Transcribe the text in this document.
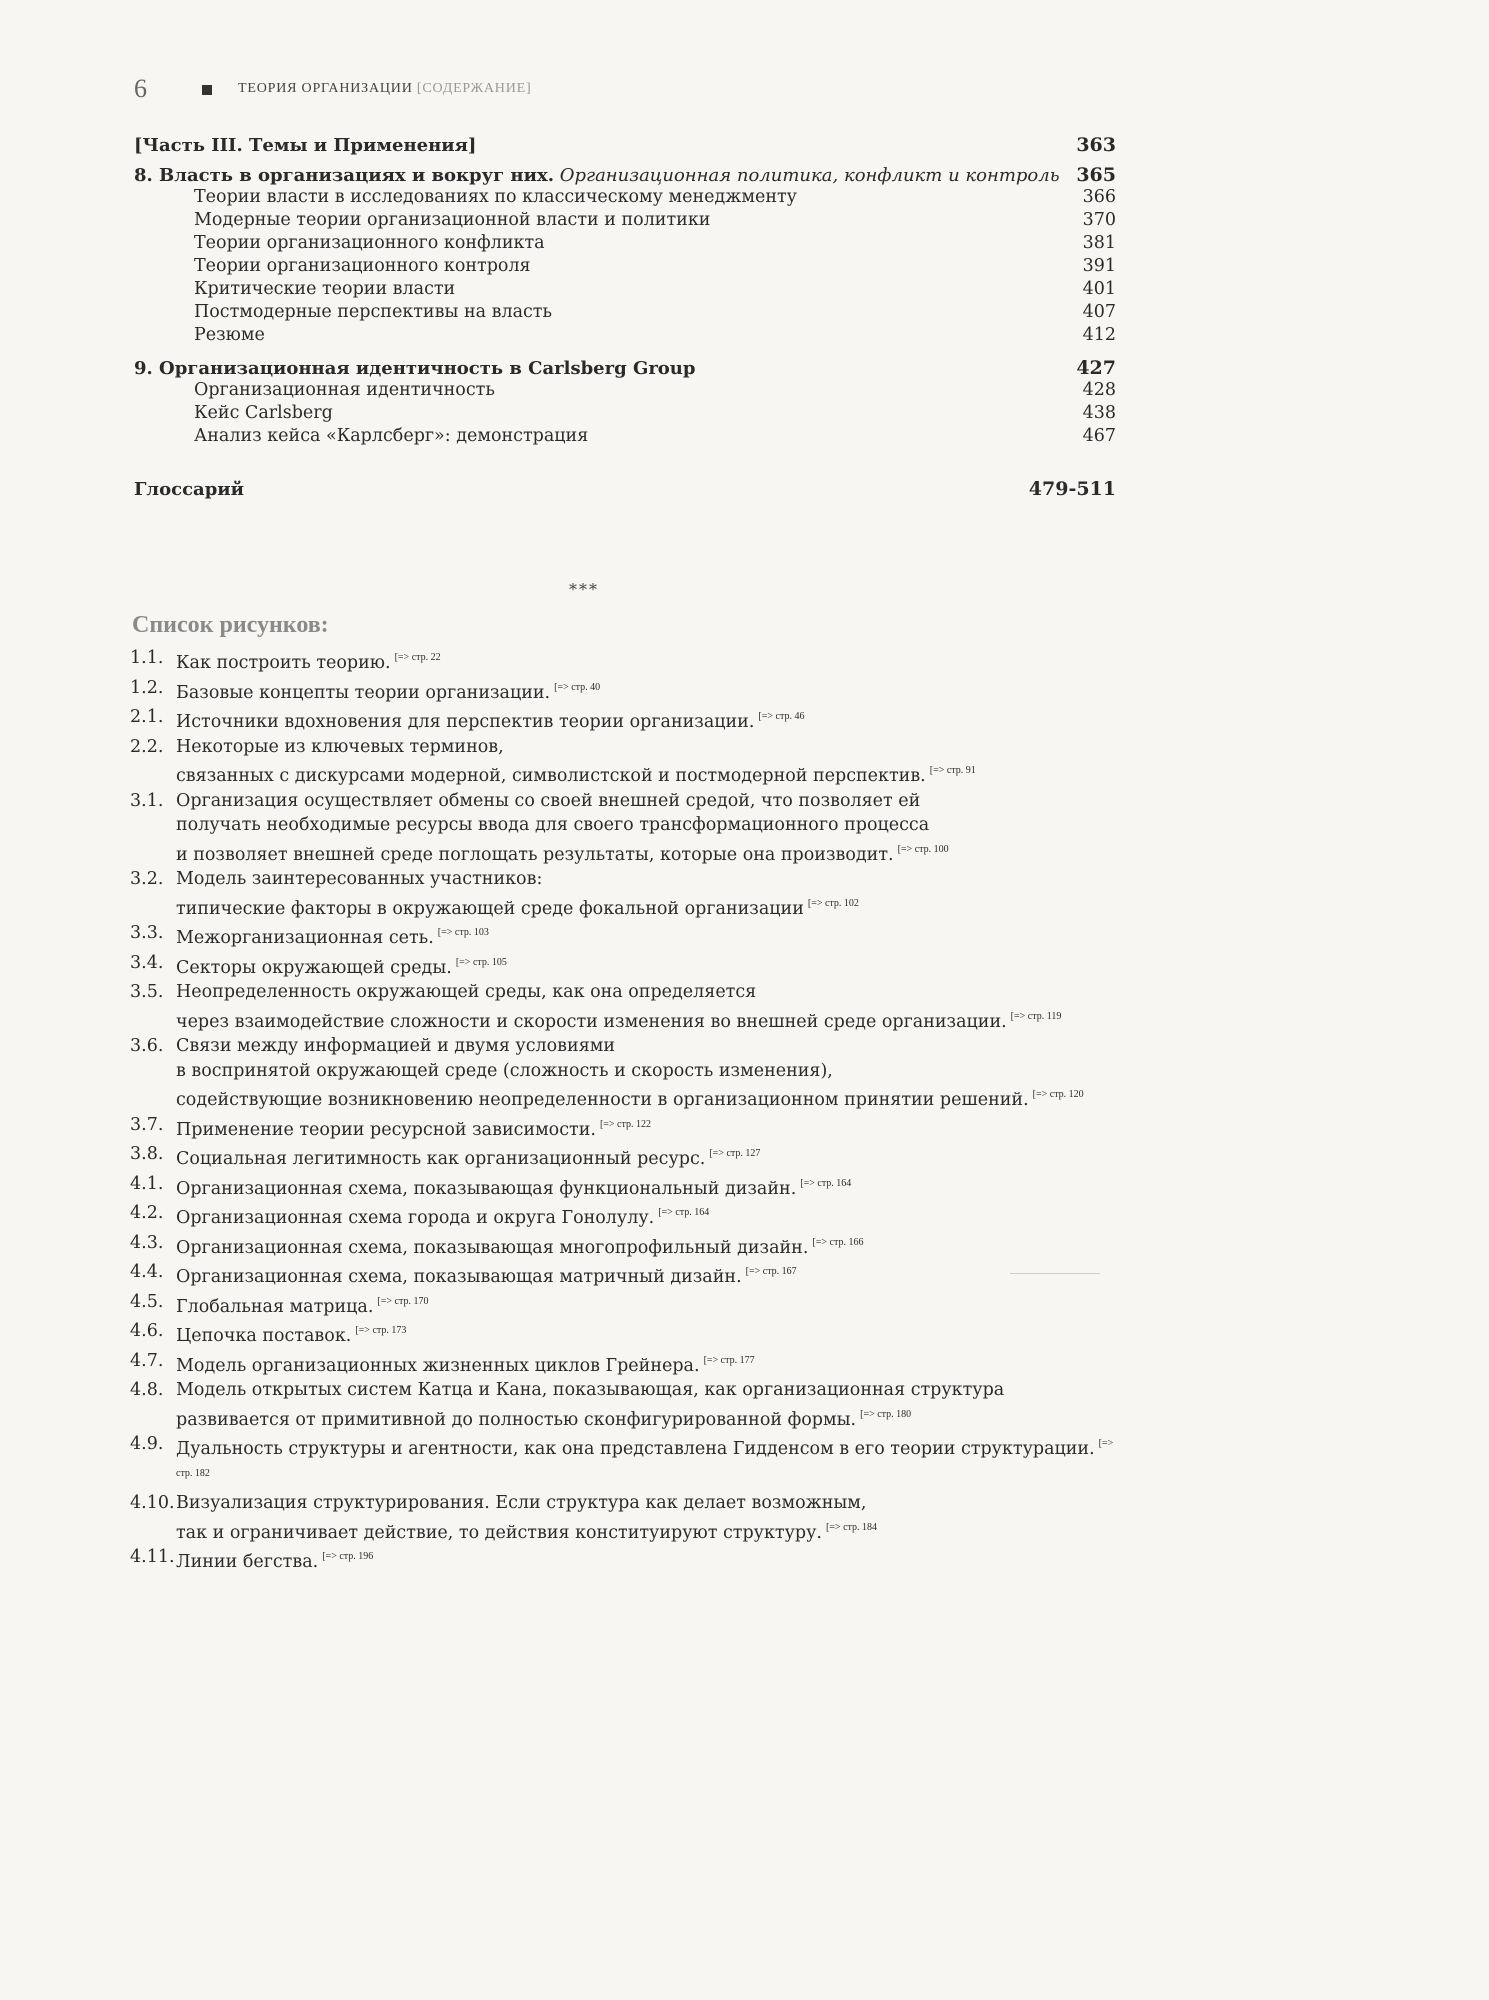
6	ТЕОРИЯ ОРГАНИЗАЦИИ [СОДЕРЖАНИЕ]
[Часть III. Темы и Применения]	363
8. Власть в организациях и вокруг них. Организационная политика, конфликт и контроль 365
Теории власти в исследованиях по классическому менеджменту	366
Модерные теории организационной власти и политики	370
Теории организационного конфликта	381
Теории организационного контроля	391
Критические теории власти	401
Постмодерные перспективы на власть	407
Резюме	412
9. Организационная идентичность в Carlsberg Group	427
Организационная идентичность	428
Кейс Carlsberg	438
Анализ кейса «Карлсберг»: демонстрация	467
Глоссарий	479-511
***
Список рисунков:
1.1. Как построить теорию. $^{[=> стр. 22}$
1.2. Базовые концепты теории организации. $^{[=> стр. 40}$
2.1. Источники вдохновения для перспектив теории организации. $^{[=> стр. 46}$
2.2. Некоторые из ключевых терминов,
связанных с дискурсами модерной, символистской и постмодерной перспектив. $^{[=> стр. 91}$
3.1. Организация осуществляет обмены со своей внешней средой, что позволяет ей
получать необходимые ресурсы ввода для своего трансформационного процесса
и позволяет внешней среде поглощать результаты, которые она производит. $^{[=> стр. 100}$
3.2. Модель заинтересованных участников:
типические факторы в окружающей среде фокальной организации $^{[=> стр. 102}$
3.3. Межорганизационная сеть. $^{[=> стр. 103}$
3.4. Секторы окружающей среды. $^{[=> стр. 105}$
3.5. Неопределенность окружающей среды, как она определяется
через взаимодействие сложности и скорости изменения во внешней среде организации. $^{[=> стр. 119}$
3.6. Связи между информацией и двумя условиями
в воспринятой окружающей среде (сложность и скорость изменения),
содействующие возникновению неопределенности в организационном принятии решений. $^{[=> стр. 120}$
3.7. Применение теории ресурсной зависимости. $^{[=> стр. 122}$
3.8. Социальная легитимность как организационный ресурс. $^{[=> стр. 127}$
4.1. Организационная схема, показывающая функциональный дизайн. $^{[=> стр. 164}$
4.2. Организационная схема города и округа Гонолулу. $^{[=> стр. 164}$
4.3. Организационная схема, показывающая многопрофильный дизайн. $^{[=> стр. 166}$
4.4. Организационная схема, показывающая матричный дизайн. $^{[=> стр. 167}$
4.5. Глобальная матрица. $^{[=> стр. 170}$
4.6. Цепочка поставок. $^{[=> стр. 173}$
4.7. Модель организационных жизненных циклов Грейнера. $^{[=> стр. 177}$
4.8. Модель открытых систем Катца и Кана, показывающая, как организационная структура
развивается от примитивной до полностью сконфигурированной формы. $^{[=> стр. 180}$
4.9. Дуальность структуры и агентности, как она представлена Гидденсом в его теории структурации. $^{[=> стр. 182}$
4.10. Визуализация структурирования. Если структура как делает возможным,
так и ограничивает действие, то действия конституируют структуру. $^{[=> стр. 184}$
4.11. Линии бегства. $^{[=> стр. 196}$
